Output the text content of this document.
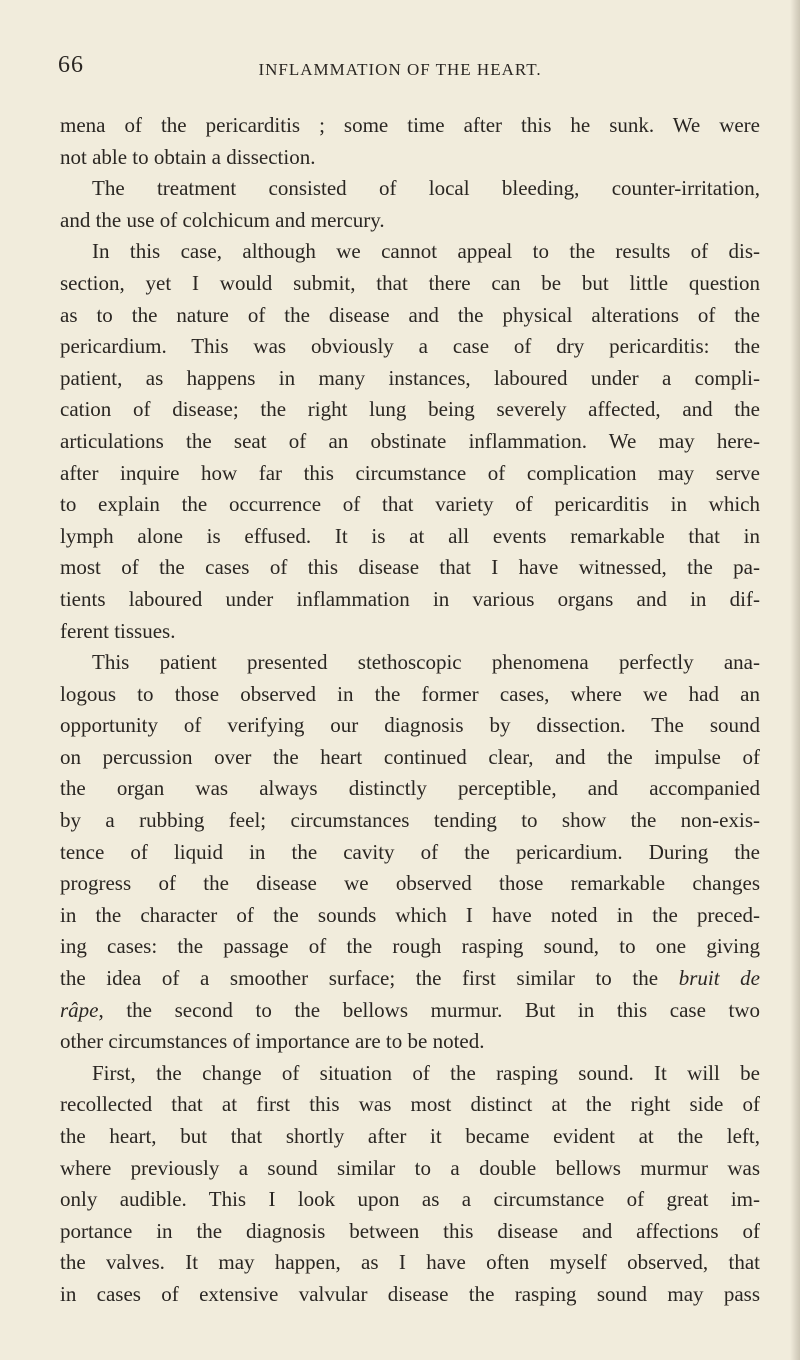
66	INFLAMMATION OF THE HEART.
mena of the pericarditis ; some time after this he sunk. We were
not able to obtain a dissection.
The treatment consisted of local bleeding, counter-irritation,
and the use of colchicum and mercury.
In this case, although we cannot appeal to the results of dis-
section, yet I would submit, that there can be but little question
as to the nature of the disease and the physical alterations of the
pericardium. This was obviously a case of dry pericarditis: the
patient, as happens in many instances, laboured under a compli-
cation of disease; the right lung being severely affected, and the
articulations the seat of an obstinate inflammation. We may here-
after inquire how far this circumstance of complication may serve
to explain the occurrence of that variety of pericarditis in which
lymph alone is effused. It is at all events remarkable that in
most of the cases of this disease that I have witnessed, the pa-
tients laboured under inflammation in various organs and in dif-
ferent tissues.
This patient presented stethoscopic phenomena perfectly ana-
logous to those observed in the former cases, where we had an
opportunity of verifying our diagnosis by dissection. The sound
on percussion over the heart continued clear, and the impulse of
the organ was always distinctly perceptible, and accompanied
by a rubbing feel; circumstances tending to show the non-exis-
tence of liquid in the cavity of the pericardium. During the
progress of the disease we observed those remarkable changes
in the character of the sounds which I have noted in the preced-
ing cases: the passage of the rough rasping sound, to one giving
the idea of a smoother surface; the first similar to the bruit de
râpe, the second to the bellows murmur. But in this case two
other circumstances of importance are to be noted.
First, the change of situation of the rasping sound. It will be
recollected that at first this was most distinct at the right side of
the heart, but that shortly after it became evident at the left,
where previously a sound similar to a double bellows murmur was
only audible. This I look upon as a circumstance of great im-
portance in the diagnosis between this disease and affections of
the valves. It may happen, as I have often myself observed, that
in cases of extensive valvular disease the rasping sound may pass
